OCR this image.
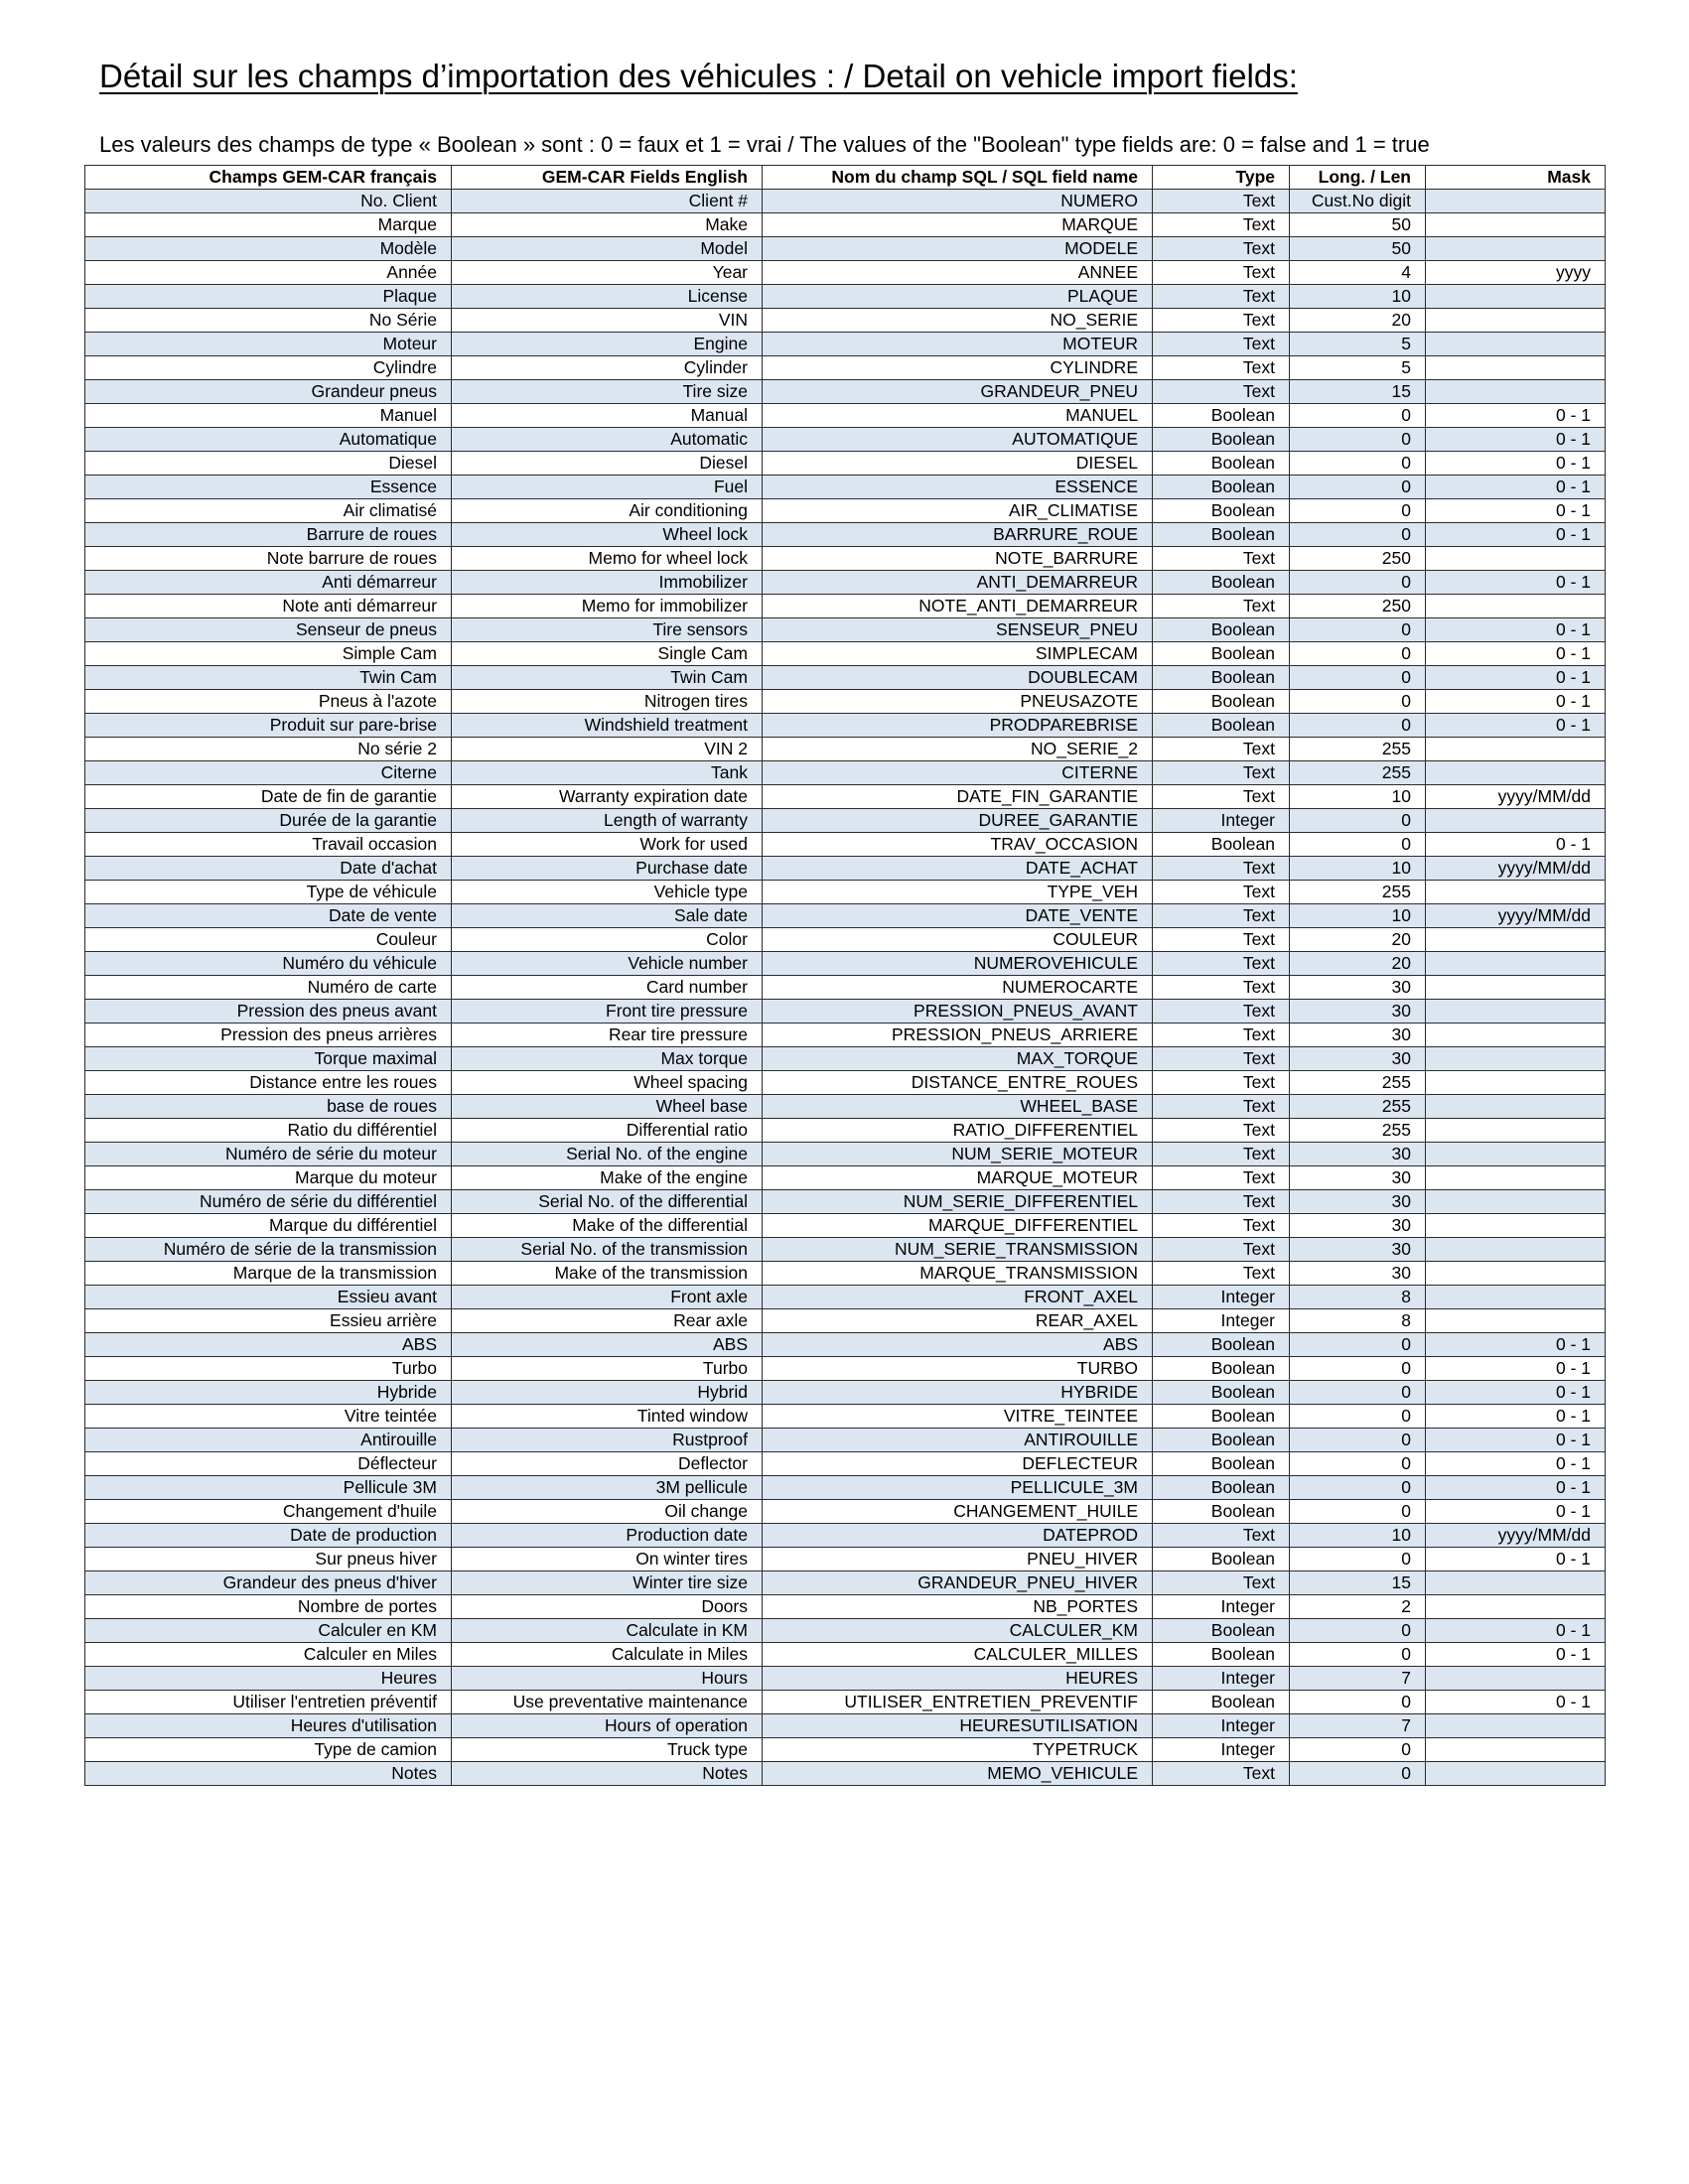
Détail sur les champs d’importation des véhicules : / Detail on vehicle import fields:

Les valeurs des champs de type « Boolean » sont : 0 = faux et 1 = vrai / The values of the "Boolean" type fields are: 0 = false and 1 = true

Champs GEM-CAR français	GEM-CAR Fields English	Nom du champ SQL / SQL field name	Type	Long. / Len	Mask
No. Client	Client #	NUMERO	Text	Cust.No digit	
Marque	Make	MARQUE	Text	50	
Modèle	Model	MODELE	Text	50	
Année	Year	ANNEE	Text	4	yyyy
Plaque	License	PLAQUE	Text	10	
No Série	VIN	NO_SERIE	Text	20	
Moteur	Engine	MOTEUR	Text	5	
Cylindre	Cylinder	CYLINDRE	Text	5	
Grandeur pneus	Tire size	GRANDEUR_PNEU	Text	15	
Manuel	Manual	MANUEL	Boolean	0	0 - 1
Automatique	Automatic	AUTOMATIQUE	Boolean	0	0 - 1
Diesel	Diesel	DIESEL	Boolean	0	0 - 1
Essence	Fuel	ESSENCE	Boolean	0	0 - 1
Air climatisé	Air conditioning	AIR_CLIMATISE	Boolean	0	0 - 1
Barrure de roues	Wheel lock	BARRURE_ROUE	Boolean	0	0 - 1
Note barrure de roues	Memo for wheel lock	NOTE_BARRURE	Text	250	
Anti démarreur	Immobilizer	ANTI_DEMARREUR	Boolean	0	0 - 1
Note anti démarreur	Memo for immobilizer	NOTE_ANTI_DEMARREUR	Text	250	
Senseur de pneus	Tire sensors	SENSEUR_PNEU	Boolean	0	0 - 1
Simple Cam	Single Cam	SIMPLECAM	Boolean	0	0 - 1
Twin Cam	Twin Cam	DOUBLECAM	Boolean	0	0 - 1
Pneus à l'azote	Nitrogen tires	PNEUSAZOTE	Boolean	0	0 - 1
Produit sur pare-brise	Windshield treatment	PRODPAREBRISE	Boolean	0	0 - 1
No série 2	VIN 2	NO_SERIE_2	Text	255	
Citerne	Tank	CITERNE	Text	255	
Date de fin de garantie	Warranty expiration date	DATE_FIN_GARANTIE	Text	10	yyyy/MM/dd
Durée de la garantie	Length of warranty	DUREE_GARANTIE	Integer	0	
Travail occasion	Work for used	TRAV_OCCASION	Boolean	0	0 - 1
Date d'achat	Purchase date	DATE_ACHAT	Text	10	yyyy/MM/dd
Type de véhicule	Vehicle type	TYPE_VEH	Text	255	
Date de vente	Sale date	DATE_VENTE	Text	10	yyyy/MM/dd
Couleur	Color	COULEUR	Text	20	
Numéro du véhicule	Vehicle number	NUMEROVEHICULE	Text	20	
Numéro de carte	Card number	NUMEROCARTE	Text	30	
Pression des pneus avant	Front tire pressure	PRESSION_PNEUS_AVANT	Text	30	
Pression des pneus arrières	Rear tire pressure	PRESSION_PNEUS_ARRIERE	Text	30	
Torque maximal	Max torque	MAX_TORQUE	Text	30	
Distance entre les roues	Wheel spacing	DISTANCE_ENTRE_ROUES	Text	255	
base de roues	Wheel base	WHEEL_BASE	Text	255	
Ratio du différentiel	Differential ratio	RATIO_DIFFERENTIEL	Text	255	
Numéro de série du moteur	Serial No. of the engine	NUM_SERIE_MOTEUR	Text	30	
Marque du moteur	Make of the engine	MARQUE_MOTEUR	Text	30	
Numéro de série du différentiel	Serial No. of the differential	NUM_SERIE_DIFFERENTIEL	Text	30	
Marque du différentiel	Make of the differential	MARQUE_DIFFERENTIEL	Text	30	
Numéro de série de la transmission	Serial No. of the transmission	NUM_SERIE_TRANSMISSION	Text	30	
Marque de la transmission	Make of the transmission	MARQUE_TRANSMISSION	Text	30	
Essieu avant	Front axle	FRONT_AXEL	Integer	8	
Essieu arrière	Rear axle	REAR_AXEL	Integer	8	
ABS	ABS	ABS	Boolean	0	0 - 1
Turbo	Turbo	TURBO	Boolean	0	0 - 1
Hybride	Hybrid	HYBRIDE	Boolean	0	0 - 1
Vitre teintée	Tinted window	VITRE_TEINTEE	Boolean	0	0 - 1
Antirouille	Rustproof	ANTIROUILLE	Boolean	0	0 - 1
Déflecteur	Deflector	DEFLECTEUR	Boolean	0	0 - 1
Pellicule 3M	3M pellicule	PELLICULE_3M	Boolean	0	0 - 1
Changement d'huile	Oil change	CHANGEMENT_HUILE	Boolean	0	0 - 1
Date de production	Production date	DATEPROD	Text	10	yyyy/MM/dd
Sur pneus hiver	On winter tires	PNEU_HIVER	Boolean	0	0 - 1
Grandeur des pneus d'hiver	Winter tire size	GRANDEUR_PNEU_HIVER	Text	15	
Nombre de portes	Doors	NB_PORTES	Integer	2	
Calculer en KM	Calculate in KM	CALCULER_KM	Boolean	0	0 - 1
Calculer en Miles	Calculate in Miles	CALCULER_MILLES	Boolean	0	0 - 1
Heures	Hours	HEURES	Integer	7	
Utiliser l'entretien préventif	Use preventative maintenance	UTILISER_ENTRETIEN_PREVENTIF	Boolean	0	0 - 1
Heures d'utilisation	Hours of operation	HEURESUTILISATION	Integer	7	
Type de camion	Truck type	TYPETRUCK	Integer	0	
Notes	Notes	MEMO_VEHICULE	Text	0	
